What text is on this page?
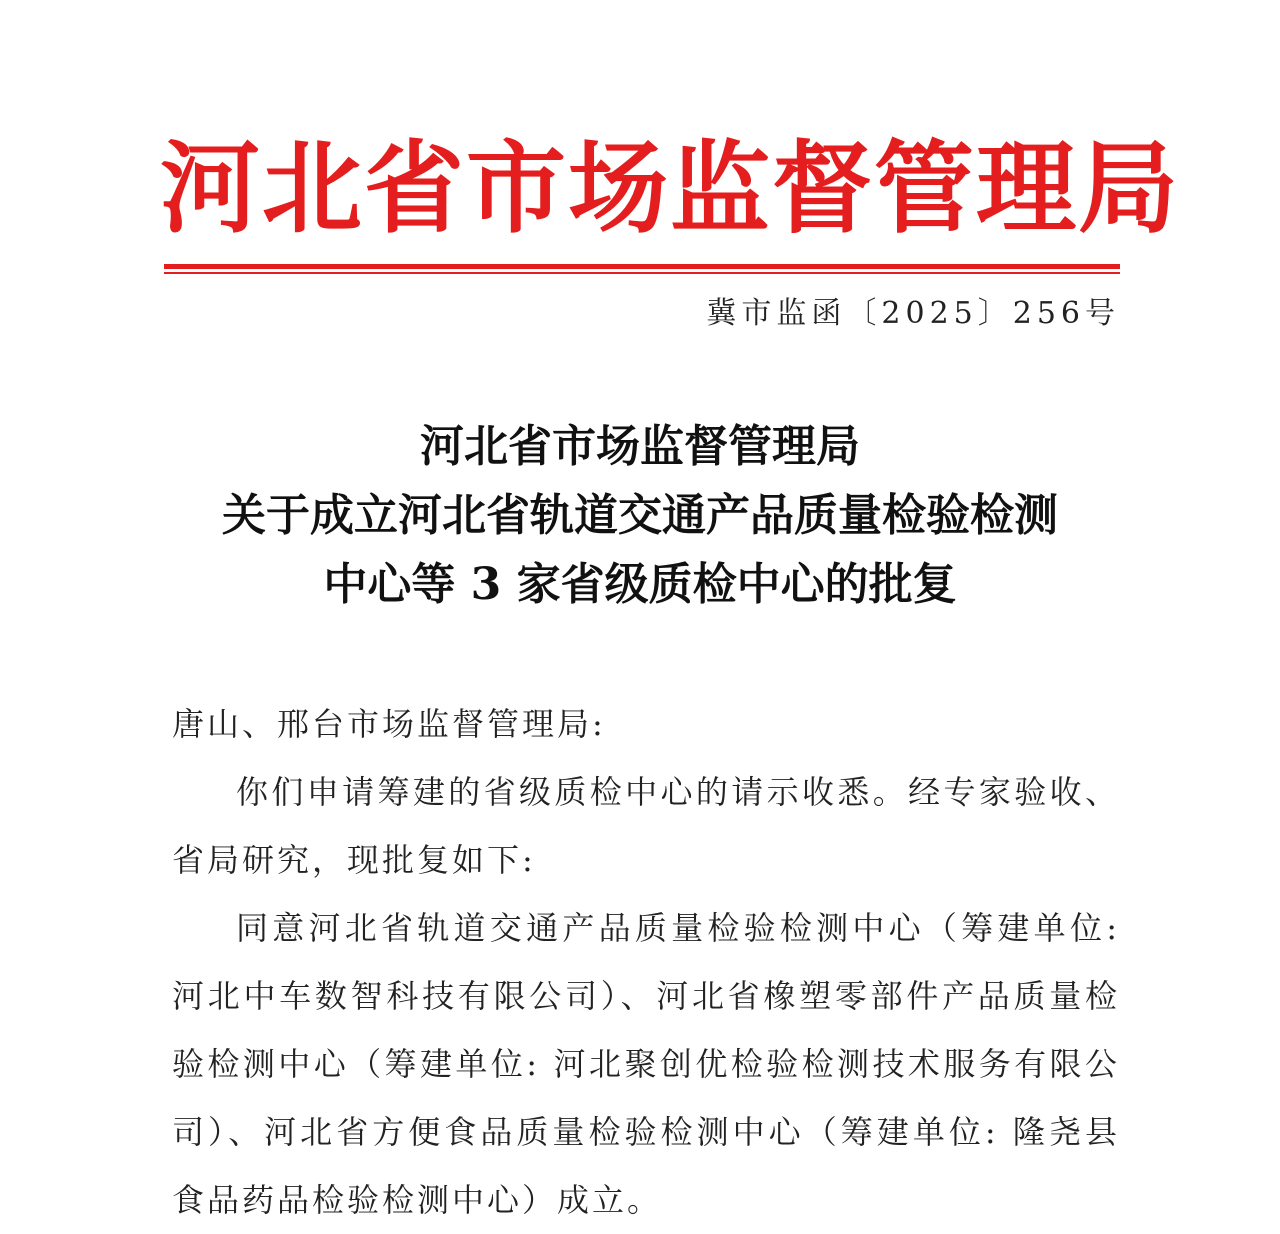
河北省市场监督管理局
冀市监函〔2025〕256号
河北省市场监督管理局
关于成立河北省轨道交通产品质量检验检测
中心等 3 家省级质检中心的批复

唐山、邢台市场监督管理局:

你们申请筹建的省级质检中心的请示收悉。经专家验收、省局研究，现批复如下:

同意河北省轨道交通产品质量检验检测中心（筹建单位: 河北中车数智科技有限公司）、河北省橡塑零部件产品质量检验检测中心（筹建单位: 河北聚创优检验检测技术服务有限公司）、河北省方便食品质量检验检测中心（筹建单位: 隆尧县食品药品检验检测中心）成立。
